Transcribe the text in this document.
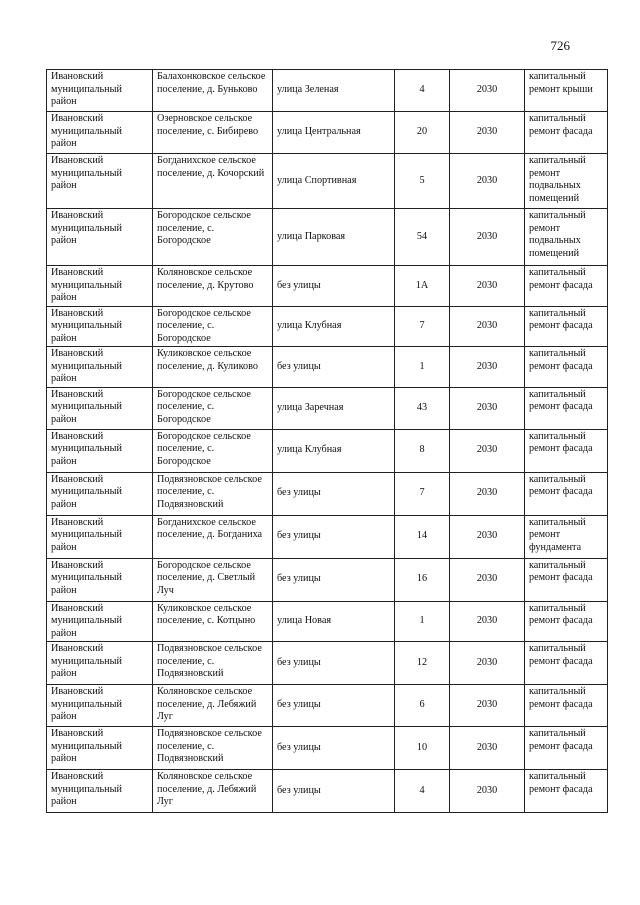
726
Ивановский муниципальный район	Балахонковское сельское поселение, д. Буньково	улица Зеленая	4	2030	капитальный ремонт крыши
Ивановский муниципальный район	Озерновское сельское поселение, с. Бибирево	улица Центральная	20	2030	капитальный ремонт фасада
Ивановский муниципальный район	Богданихское сельское поселение, д. Кочорский	улица Спортивная	5	2030	капитальный ремонт подвальных помещений
Ивановский муниципальный район	Богородское сельское поселение, с. Богородское	улица Парковая	54	2030	капитальный ремонт подвальных помещений
Ивановский муниципальный район	Коляновское сельское поселение, д. Крутово	без улицы	1А	2030	капитальный ремонт фасада
Ивановский муниципальный район	Богородское сельское поселение, с. Богородское	улица Клубная	7	2030	капитальный ремонт фасада
Ивановский муниципальный район	Куликовское сельское поселение, д. Куликово	без улицы	1	2030	капитальный ремонт фасада
Ивановский муниципальный район	Богородское сельское поселение, с. Богородское	улица Заречная	43	2030	капитальный ремонт фасада
Ивановский муниципальный район	Богородское сельское поселение, с. Богородское	улица Клубная	8	2030	капитальный ремонт фасада
Ивановский муниципальный район	Подвязновское сельское поселение, с. Подвязновский	без улицы	7	2030	капитальный ремонт фасада
Ивановский муниципальный район	Богданихское сельское поселение, д. Богданиха	без улицы	14	2030	капитальный ремонт фундамента
Ивановский муниципальный район	Богородское сельское поселение, д. Светлый Луч	без улицы	16	2030	капитальный ремонт фасада
Ивановский муниципальный район	Куликовское сельское поселение, с. Котцыно	улица Новая	1	2030	капитальный ремонт фасада
Ивановский муниципальный район	Подвязновское сельское поселение, с. Подвязновский	без улицы	12	2030	капитальный ремонт фасада
Ивановский муниципальный район	Коляновское сельское поселение, д. Лебяжий Луг	без улицы	6	2030	капитальный ремонт фасада
Ивановский муниципальный район	Подвязновское сельское поселение, с. Подвязновский	без улицы	10	2030	капитальный ремонт фасада
Ивановский муниципальный район	Коляновское сельское поселение, д. Лебяжий Луг	без улицы	4	2030	капитальный ремонт фасада
